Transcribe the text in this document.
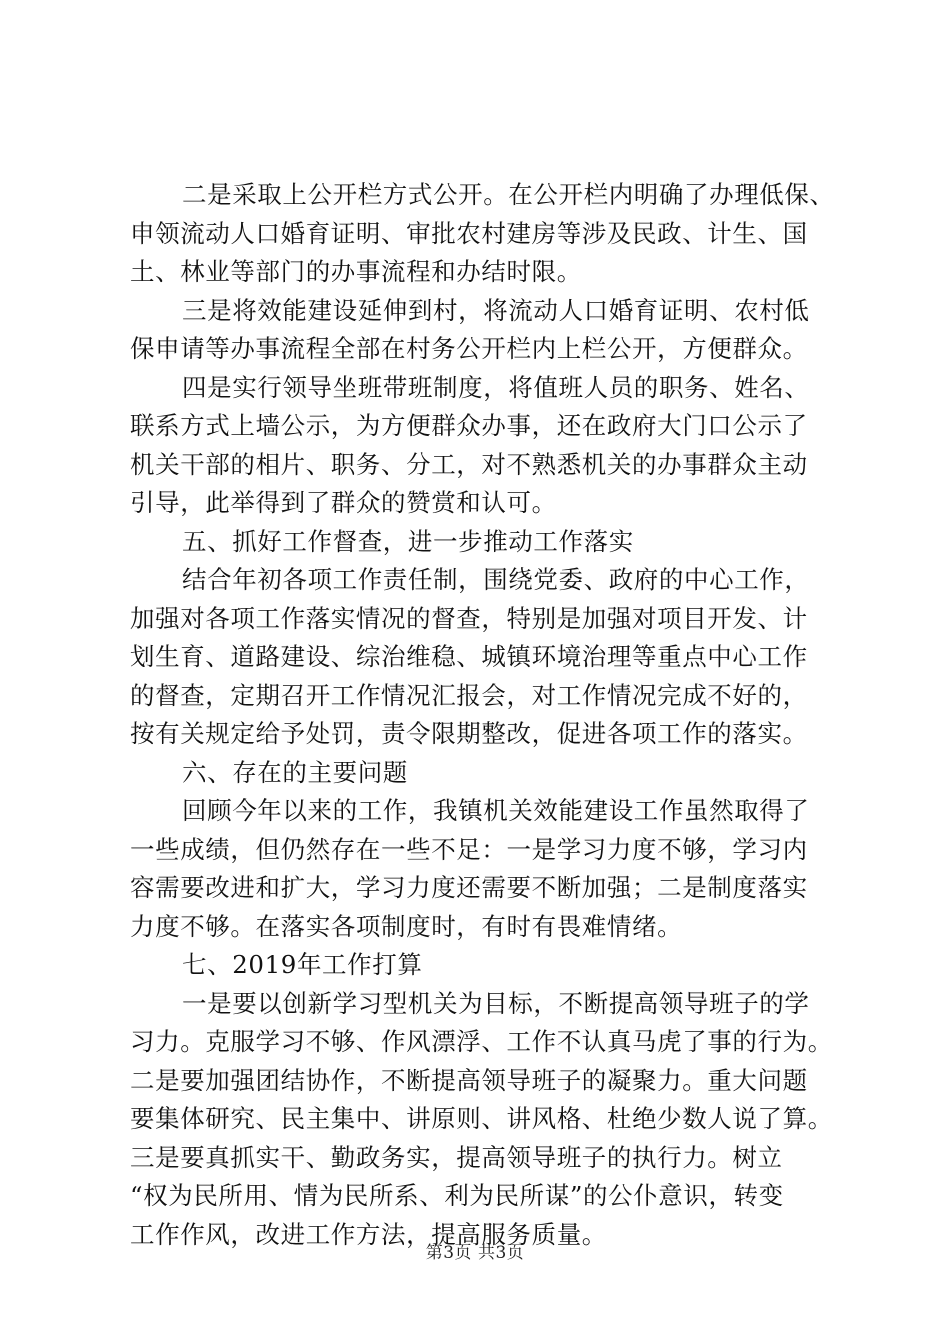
二是采取上公开栏方式公开。在公开栏内明确了办理低保、
申领流动人口婚育证明、审批农村建房等涉及民政、计生、国
土、林业等部门的办事流程和办结时限。
三是将效能建设延伸到村，将流动人口婚育证明、农村低
保申请等办事流程全部在村务公开栏内上栏公开，方便群众。
四是实行领导坐班带班制度，将值班人员的职务、姓名、
联系方式上墙公示，为方便群众办事，还在政府大门口公示了
机关干部的相片、职务、分工，对不熟悉机关的办事群众主动
引导，此举得到了群众的赞赏和认可。
五、抓好工作督查，进一步推动工作落实
结合年初各项工作责任制，围绕党委、政府的中心工作，
加强对各项工作落实情况的督查，特别是加强对项目开发、计
划生育、道路建设、综治维稳、城镇环境治理等重点中心工作
的督查，定期召开工作情况汇报会，对工作情况完成不好的，
按有关规定给予处罚，责令限期整改，促进各项工作的落实。
六、存在的主要问题
回顾今年以来的工作，我镇机关效能建设工作虽然取得了
一些成绩，但仍然存在一些不足：一是学习力度不够，学习内
容需要改进和扩大，学习力度还需要不断加强；二是制度落实
力度不够。在落实各项制度时，有时有畏难情绪。
七、2019年工作打算
一是要以创新学习型机关为目标，不断提高领导班子的学
习力。克服学习不够、作风漂浮、工作不认真马虎了事的行为。
二是要加强团结协作，不断提高领导班子的凝聚力。重大问题
要集体研究、民主集中、讲原则、讲风格、杜绝少数人说了算。
三是要真抓实干、勤政务实，提高领导班子的执行力。树立
“权为民所用、情为民所系、利为民所谋”的公仆意识，转变
工作作风，改进工作方法，提高服务质量。
第3页 共3页
